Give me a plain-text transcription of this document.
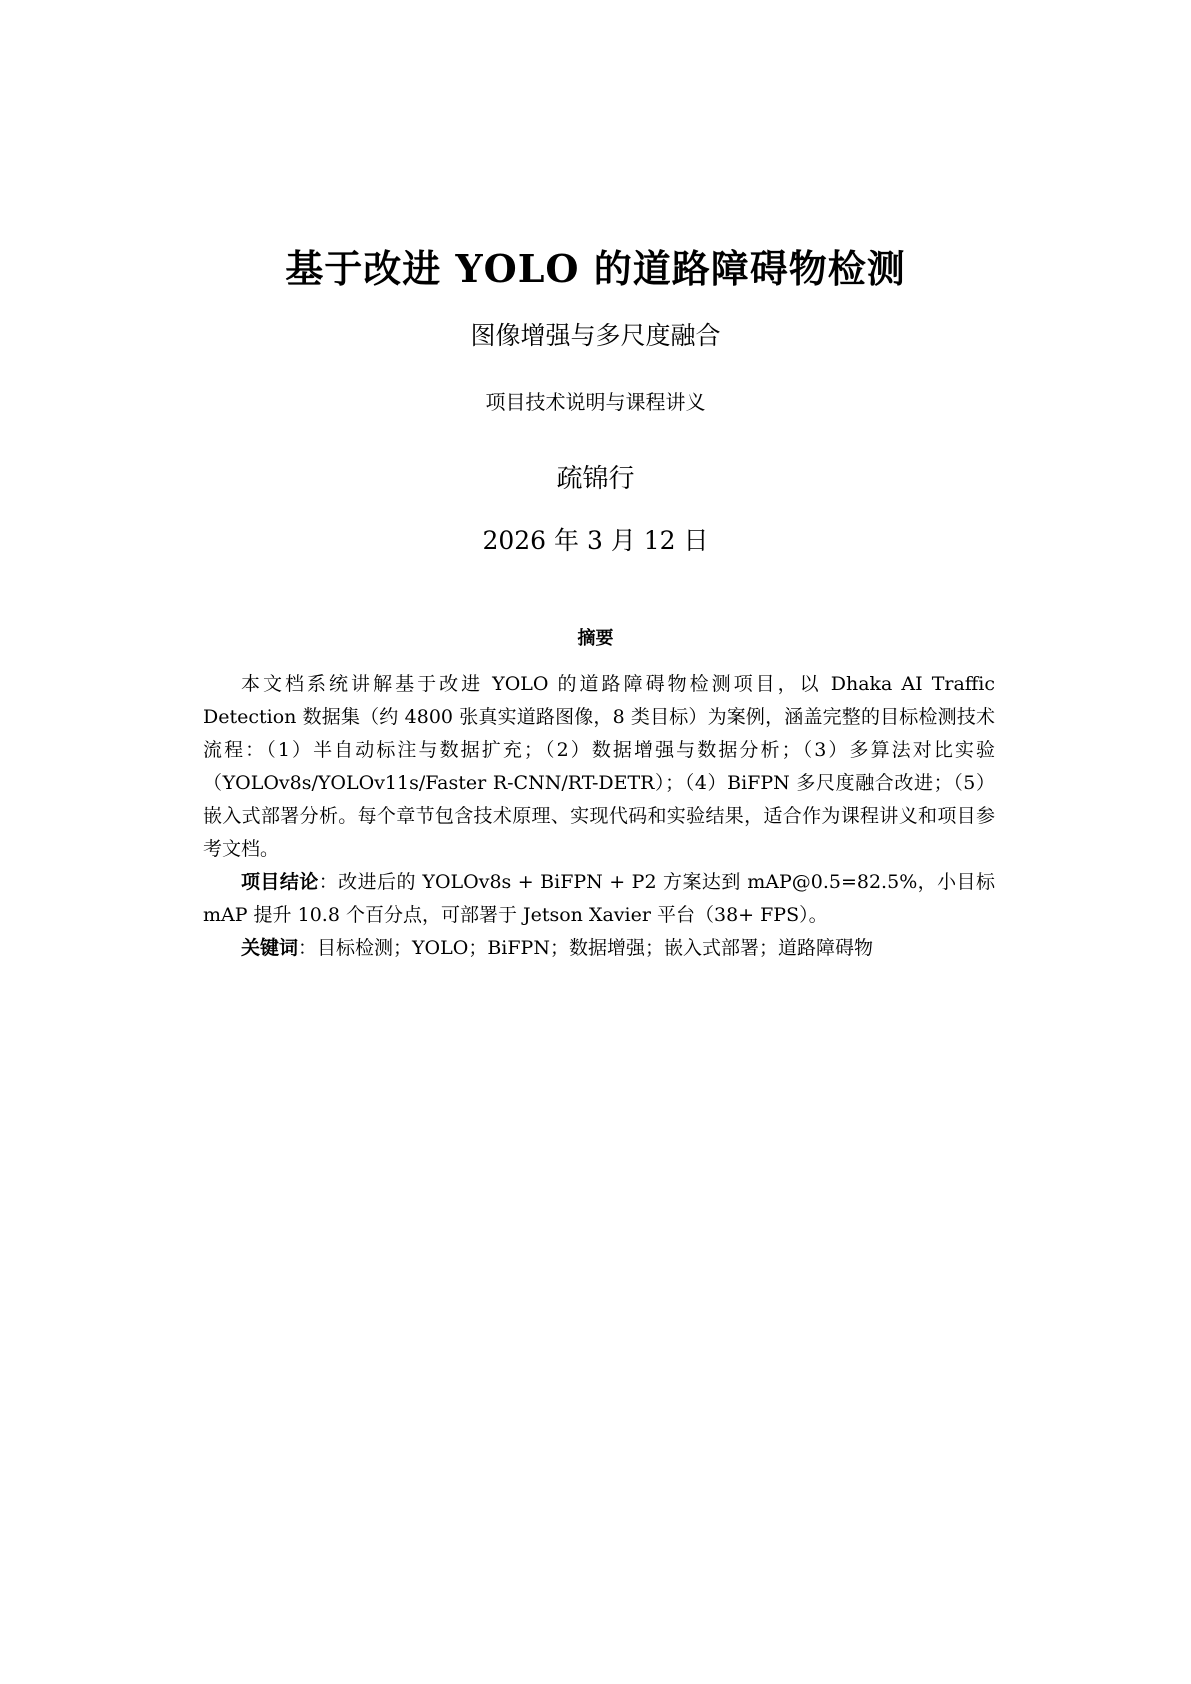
基于改进 YOLO 的道路障碍物检测
图像增强与多尺度融合
项目技术说明与课程讲义
疏锦行
2026 年 3 月 12 日
摘要

本文档系统讲解基于改进 YOLO 的道路障碍物检测项目，以 Dhaka AI Traffic Detection 数据集（约 4800 张真实道路图像，8 类目标）为案例，涵盖完整的目标检测技术流程：（1）半自动标注与数据扩充；（2）数据增强与数据分析；（3）多算法对比实验（YOLOv8s/YOLOv11s/Faster R-CNN/RT-DETR）；（4）BiFPN 多尺度融合改进；（5）嵌入式部署分析。每个章节包含技术原理、实现代码和实验结果，适合作为课程讲义和项目参考文档。

项目结论：改进后的 YOLOv8s + BiFPN + P2 方案达到 mAP@0.5=82.5%，小目标 mAP 提升 10.8 个百分点，可部署于 Jetson Xavier 平台（38+ FPS）。

关键词：目标检测；YOLO；BiFPN；数据增强；嵌入式部署；道路障碍物
